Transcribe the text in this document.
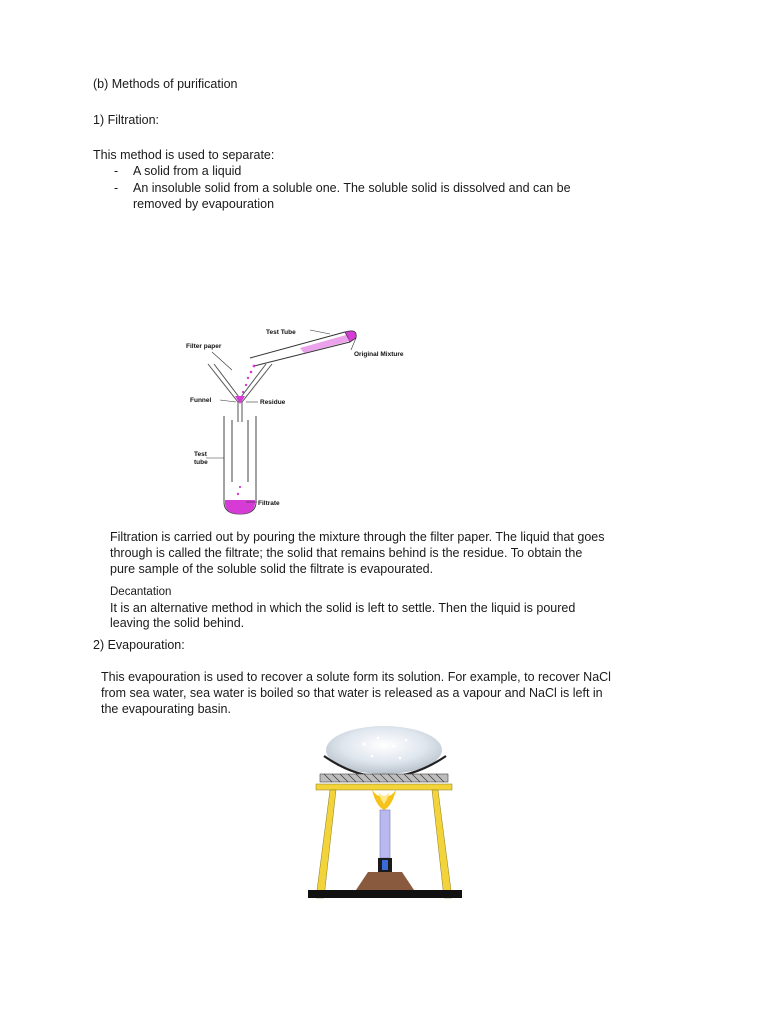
(b) Methods of purification
1) Filtration:
This method is used to separate:
- A solid from a liquid
- An insoluble solid from a soluble one. The soluble solid is dissolved and can be
removed by evapouration
Test Tube
Filter paper
Original Mixture
Funnel	Residue
Test
tube
Filtrate
Filtration is carried out by pouring the mixture through the filter paper. The liquid that goes
through is called the filtrate; the solid that remains behind is the residue. To obtain the
pure sample of the soluble solid the filtrate is evapourated.
Decantation
It is an alternative method in which the solid is left to settle. Then the liquid is poured
leaving the solid behind.
2) Evapouration:
This evapouration is used to recover a solute form its solution. For example, to recover NaCl
from sea water, sea water is boiled so that water is released as a vapour and NaCl is left in
the evapourating basin.
